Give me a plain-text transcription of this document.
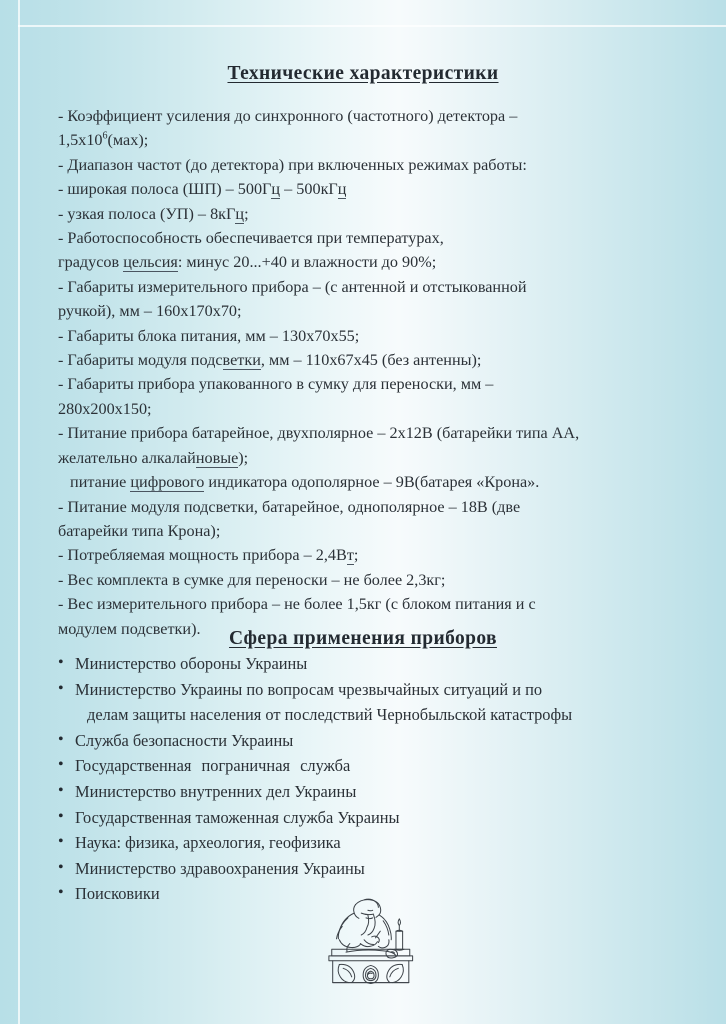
Технические характеристики

- Коэффициент усиления до синхронного (частотного) детектора –

$1,5x10^6(мах)$;

- Диапазон частот (до детектора) при включенных режимах работы:

- широкая полоса (ШП) – 500Гц – 500кГц

- узкая полоса (УП) – 8кГц;

- Работоспособность обеспечивается при температурах,

градусов цельсия: минус 20...+40 и влажности до 90%;

- Габариты измерительного прибора – (с антенной и отстыкованной

ручкой), мм – 160x170x70;

- Габариты блока питания, мм – 130x70x55;

- Габариты модуля подсветки, мм – 110x67x45 (без антенны);

- Габариты прибора упакованного в сумку для переноски, мм –

280x200x150;

- Питание прибора батарейное, двухполярное – 2x12В (батарейки типа АА,

желательно алкалайновые);

питание цифрового индикатора одополярное – 9В(батарея «Крона».

- Питание модуля подсветки, батарейное, однополярное – 18В (две

батарейки типа Крона);

- Потребляемая мощность прибора – 2,4Вт;

- Вес комплекта в сумке для переноски – не более 2,3кг;

- Вес измерительного прибора – не более 1,5кг (с блоком питания и с

модулем подсветки).	Сфера применения приборов
• Министерство обороны Украины
• Министерство Украины по вопросам чрезвычайных ситуаций и по
делам защиты населения от последствий Чернобыльской катастрофы
• Служба безопасности Украины
• Государственная пограничная служба
• Министерство внутренних дел Украины
• Государственная таможенная служба Украины
• Наука: физика, археология, геофизика
• Министерство здравоохранения Украины
• Поисковики
